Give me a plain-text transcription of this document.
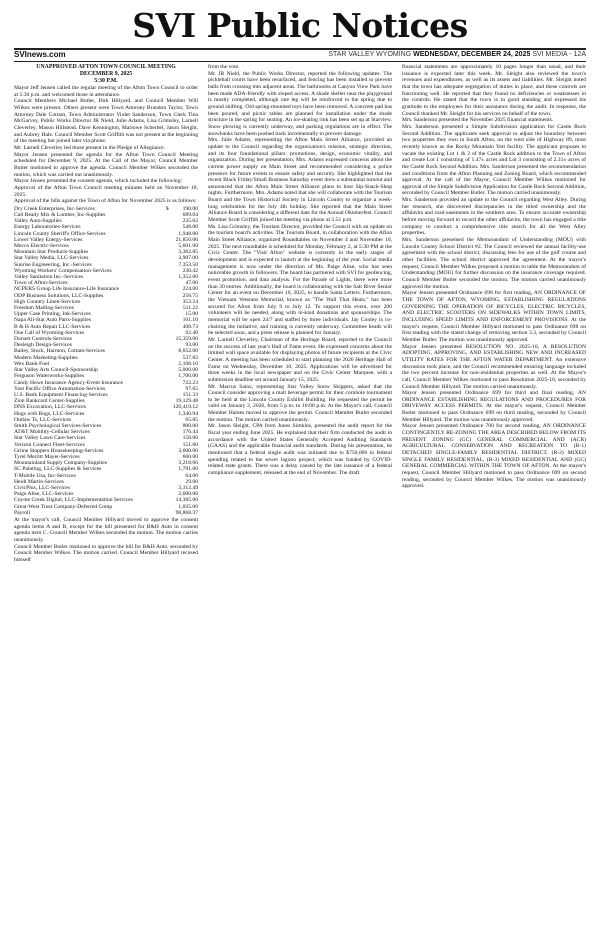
SVI Public Notices
SVInews.com	STAR VALLEY WYOMING WEDNESDAY, DECEMBER 24, 2025 SVI MEDIA - 12A

UNAPPROVED AFTON TOWN COUNCIL MEETING

DECEMBER 9, 2025

5:30 P.M.

Mayor Jeff Jensen called the regular meeting of the Afton Town Council to order at 5:30 p.m. and welcomed those in attendance.

Council Members Michael Butler, Dirk Hillyard, and Council Member Will Wilkes were present. Others present were Town Attorney Brandon Taylor, Town Attorney Dale Cottam, Town Administrator Violet Sanderson, Town Clerk Tina McGarvey, Public Works Director JR Nield, Julie Adams, Lisa Grimsley, Larnell Cleverley, Mason Hillstead, Dave Kennington, Marlowe Scherbel, Jason Sleight, and Aubrey Hale. Council Member Scott Griffith was not present at the beginning of the meeting but joined later via phone.

Mr. Larnell Cleverley led those present in the Pledge of Allegiance.

Mayor Jensen presented the agenda for the Afton Town Council Meeting scheduled for December 9, 2025. At the Call of the Mayor, Council Member Butler motioned to approve the agenda. Council Member Wilkes seconded the motion, which was carried out unanimously.

Mayor Jensen presented the consent agenda, which included the following:

Approval of the Afton Town Council meeting minutes held on November 18, 2025.

Approval of the bills against the Town of Afton for November 2025 is as follows:

Dry Creek Enterprises, Inc-Services
$	190.00
Call Ready Mix & Lumber, Inc-Supplies	689.04
Valley Auto-Supplies	235.63
Energy Laboratories-Services	548.00
Lincoln County Sheriff's Office-Services	1,948.00
Lower Valley Energy-Services	21,856.06
Mecco Electric-Services	5,601.00
Mountain Star Products-Supplies	3,362.85
Star Valley Media, LLC-Services	3,907.00
Sunrise Engineering, Inc.-Services	7,353.50
Wyoming Workers' Compensation-Services	230.42
Valley Sanitation Inc.-Services	1,352.00
Town of Afton-Services	47.00
NCPERS Group Life Insurance-Life Insurance	224.00
ODP Business Solutions, LLC-Supplies	256.75
High Country Linen-Services	353.24
Freedom Mailing-Services	511.22
Upper Case Printing, Ink-Services	15.00
Napa All-Star Auto Parts-Supplies	101.10
B & H Auto Repair LLC-Services	408.73
One Call of Wyoming-Services	92.40
Dorsett Controls-Services	15,359.00
Desleigh Design-Services	93.00
Bailey, Stock, Harmon, Cottam-Services	8,652.00
Modern Marketing-Supplies	537.82
Wex Bank-Fuel	2,108.10
Star Valley Arts Council-Sponsorship	5,000.00
Ferguson Waterworks-Supplies	1,700.00
Candy Howe Insurance Agency-Event Insurance	722.23
Yost Pacific Office Automation-Services	97.65
U.S. Bank Equipment Financing-Services	151.33
Zion Bankcard Center-Supplies	19,129.48
DNS Excavation, LLC-Services	120,419.12
Hugs with Bugs, LLC-Services	1,340.94
Outlaw Ts, LLC-Services	65.85
Smith Psychological Services-Services	800.00
AT&T Mobility-Cellular Services	176.44
Star Valley Lawn Care-Services	158.00
Verizon Connect Fleet-Services	151.60
Grime Stoppers Housekeeping-Services	3,600.00
Tyrel Merritt Mayer-Services	660.00
Mountainland Supply Company-Supplies	3,218.66
SC Painting, LLC-Supplies & Services	1,791.00
T-Mobile Usa, Inc-Services	64.00
Heidi Martin-Services	29.00
CivicPlus, LLC-Services	3,312.49
Paige Alise, LLC-Services	2,600.00
Coyote Creek Digital, LLC-Implementation Services	14,385.00
Great-West Trust Company-Deferred Comp	1,035.00
Payroll	98,868.37

At the mayor's call, Council Member Hillyard moved to approve the consent agenda items A and B, except for the bill presented for B&H Auto in consent agenda item C. Council Member Wilkes seconded the motion. The motion carries unanimously.

Council Member Butler motioned to approve the bill for B&H Auto, seconded by Council Member Wilkes. The motion carried. Council Member Hillyard recused himself

from the vote.

Mr. JR Nield, the Public Works Director, reported the following updates: The pickleball courts have been resurfaced, and fencing has been installed to prevent balls from crossing into adjacent areas. The bathrooms at Canyon View Park have been made ADA-friendly with sloped access. A shade shelter near the playground is mostly completed, although one leg will be reinforced in the spring due to ground shifting. Old spring-mounted toys have been removed. A concrete pad has been poured, and picnic tables are planned for installation under the shade structure in the spring for seating. An ice-skating rink has been set up at Starview. Snow plowing is currently underway, and parking regulations are in effect. The snowbanks have been pushed back incrementally to prevent damage.

Mrs. Julie Adams, representing the Afton Main Street Alliance, provided an update to the Council regarding the organization's mission, strategic direction, and its four foundational pillars: promotions, design, economic vitality, and organization. During her presentation, Mrs. Adams expressed concerns about the current power supply on Main Street and recommended considering a police presence for future events to ensure safety and security. She highlighted that the recent Black Friday/Small Business Saturday event drew a substantial turnout and announced that the Afton Main Street Alliance plans to host Sip-Snack-Shop nights. Furthermore, Mrs. Adams noted that she will collaborate with the Tourism Board and the Town Historical Society in Lincoln County to organize a week-long celebration for the July 4th holiday. She reported that the Main Street Alliance Board is considering a different date for the Annual Oktoberfest. Council Member Scott Griffith joined the meeting via phone at 5:51 p.m.

Ms. Lisa Grimsley, the Tourism Director, provided the Council with an update on the tourism board's activities. The Tourism Board, in collaboration with the Afton Main Street Alliance, organized Roundtables on November 4 and November 10, 2025. The next roundtable is scheduled for Monday, February 2, at 5:30 PM at the Civic Center. The "Visit Afton" website is currently in the early stages of development and is expected to launch at the beginning of the year. Social media management is now under the direction of Ms. Paige Alise, who has seen noticeable growth in followers. The board has partnered with SVI for geofencing, event promotion, and data analysis. For the Parade of Lights, there were more than 30 entries. Additionally, the board is collaborating with the Salt River Senior Center for an event on December 16, 2025, to handle Santa Letters. Furthermore, the Vietnam Veterans Memorial, known as "The Wall That Heals," has been secured for Afton from July 9 to July 12. To support this event, over 200 volunteers will be needed, along with in-kind donations and sponsorships. The memorial will be open 24/7 and staffed by three individuals. Jay Conley is co-chairing the initiative, and training is currently underway. Committee heads will be selected soon, and a press release is planned for January.

Mr. Larnell Cleverley, Chairman of the Heritage Board, reported to the Council on the success of last year's Hall of Fame event. He expressed concerns about the limited wall space available for displaying photos of future recipients at the Civic Center. A meeting has been scheduled to start planning the 2026 Heritage Hall of Fame on Wednesday, December 10, 2025. Applications will be advertised for three weeks in the local newspaper and on the Civic Center Marquee, with a submission deadline set around January 15, 2025.

Mr. Marcus Sainz, representing Star Valley Snow Skippers, asked that the Council consider approving a malt beverage permit for their cornhole tournament to be held at the Lincoln County Exhibit Building. He requested the permit be valid on January 2, 2026, from 5 p.m. to 10:00 p.m. At the Mayor's call, Council Member Hames moved to approve the permit. Council Member Butler seconded the motion. The motion carried unanimously.

Mr. Jason Sleight, CPA from Jones Simkins, presented the audit report for the fiscal year ending June 2025. He explained that their firm conducted the audit in accordance with the United States Generally Accepted Auditing Standards (GAAS) and the applicable financial audit standards. During his presentation, he mentioned that a federal single audit was initiated due to $750,000 in federal spending related to the sewer lagoon project, which was funded by COVID-related state grants. There was a delay caused by the late issuance of a federal compliance supplement, released at the end of November. The draft

financial statements are approximately 10 pages longer than usual, and their issuance is expected later this week. Mr. Sleight also reviewed the town's revenues and expenditures, as well as its assets and liabilities. Mr. Sleight noted that the town has adequate segregation of duties in place, and these controls are functioning well. He reported that they found no deficiencies or weaknesses in the controls. He stated that the town is in good standing and expressed his gratitude to the employees for their assistance during the audit. In response, the Council thanked Mr. Sleight for his services on behalf of the town.

Mrs. Sanderson presented the November 2025 financial statements.

Mrs. Sanderson presented a Simple Subdivision application for Castle Rock Second Addition. The applicants seek approval to adjust the boundary between two properties they own in South Afton, on the west side of Highway 89, most recently known as the Rocky Mountain Yeti facility. The applicant proposes to vacate the existing Lot 1 & 2 of the Castle Rock addition to the Town of Afton and create Lot 1 consisting of 1.47± acres and Lot 3 consisting of 2.31± acres of the Castle Rock Second Addition. Mrs. Sanderson presented the recommendation and conditions from the Afton Planning and Zoning Board, which recommended approval. At the call of the Mayor, Council Member Wilkes motioned for approval of the Simple Subdivision Application for Castle Rock Second Addition, seconded by Council Member Butler. The motion carried unanimously.

Mrs. Sanderson provided an update to the Council regarding West Alley. During her research, she discovered discrepancies in the titled ownership and the affidavits and road easements in the southern area. To ensure accurate ownership before moving forward to record the other affidavits, the town has engaged a title company to conduct a comprehensive title search for all the West Alley properties.

Mrs. Sanderson presented the Memorandum of Understanding (MOU) with Lincoln County School District #2. The Council reviewed the annual facility-use agreement with the school district, discussing fees for use of the golf course and other facilities. The school district approved the agreement. At the mayor's request, Council Member Wilkes proposed a motion to table the Memorandum of Understanding (MOU) for further discussion on the insurance coverage required. Council Member Butler seconded the motion. The motion carried unanimously approved the motion.

Mayor Jensen presented Ordinance 698 for first reading, AN ORDINANCE OF THE TOWN OF AFTON, WYOMING, ESTABLISHING REGULATIONS GOVERNING THE OPERATION OF BICYCLES, ELECTRIC BICYCLES, AND ELECTRIC SCOOTERS ON SIDEWALKS WITHIN TOWN LIMITS, INCLUDING SPEED LIMITS AND ENFORCEMENT PROVISIONS. At the mayor's request, Council Member Hillyard motioned to pass Ordinance 698 on first reading with the stated change of removing section 3.3, seconded by Council Member Butler. The motion was unanimously approved.

Mayor Jensen presented RESOLUTION NO. 2025-10, A RESOLUTION ADOPTING, APPROVING, AND ESTABLISHING NEW AND INCREASED UTILITY RATES FOR THE AFTON WATER DEPARTMENT. An extensive discussion took place, and the Council recommended ensuring language included the two percent increase for non-residential properties as well. At the Mayor's call, Council Member Wilkes motioned to pass Resolution 2025-10, seconded by Council Member Hillyard. The motion carried unanimously.

Mayor Jensen presented Ordinance 699 for third and final reading, AN ORDINANCE ESTABLISHING REGULATIONS AND PROCEDURES FOR DRIVEWAY ACCESS PERMITS. At the mayor's request, Council Member Butler motioned to pass Ordinance 699 on third reading, seconded by Council Member Hillyard. The motion was unanimously approved.

Mayor Jensen presented Ordinance 700 for second reading, AN ORDINANCE CONTINGENTLY RE-ZONING THE AREA DESCRIBED BELOW FROM ITS PRESENT ZONING (GC) GENERAL COMMERCIAL AND (ACR) AGRICULTURAL CONSERVATION AND RECREATION TO (R-1) DETACHED SINGLE-FAMILY RESIDENTIAL DISTRICT, (R-2) MIXED SINGLE FAMILY RESIDENTIAL, (R-3) MIXED RESIDENTIAL AND (GC) GENERAL COMMERCIAL WITHIN THE TOWN OF AFTON. At the mayor's request, Council Member Hillyard motioned to pass Ordinance 699 on second reading, seconded by Council Member Wilkes. The motion was unanimously approved.
